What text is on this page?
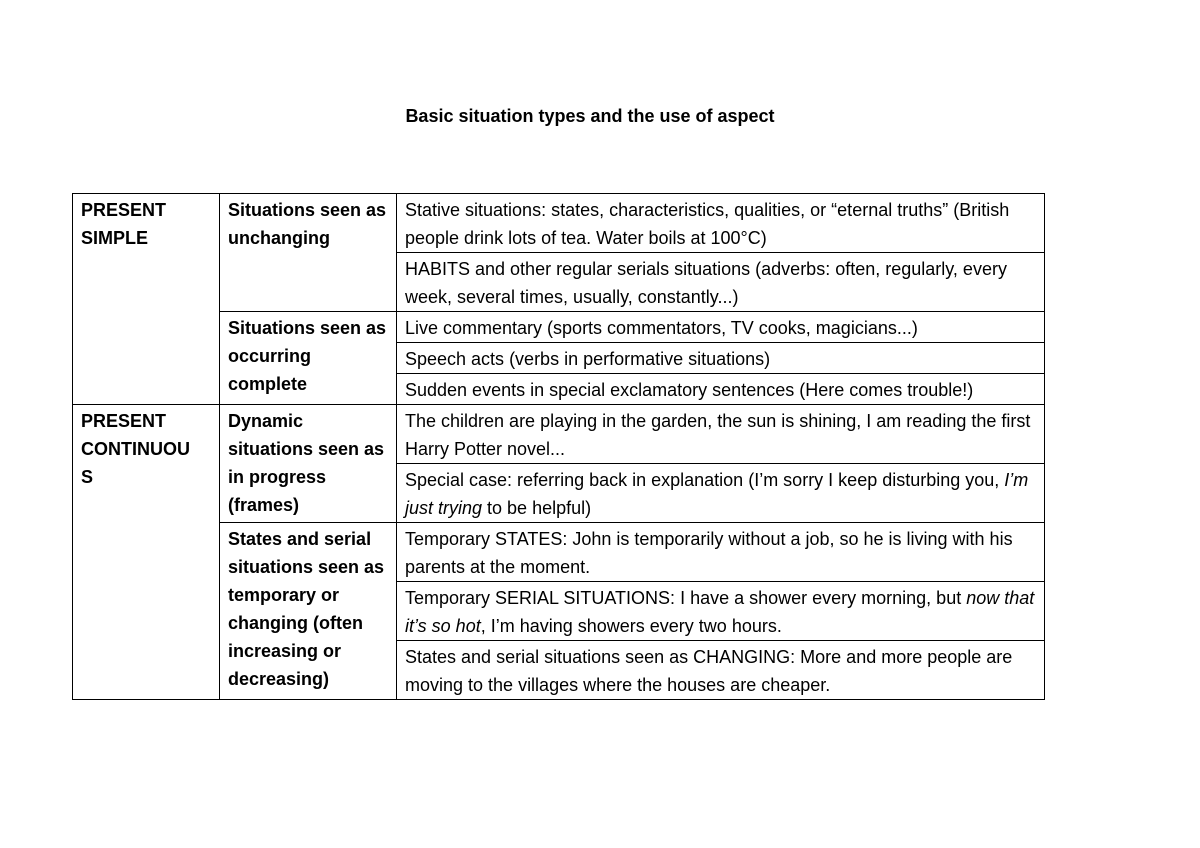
Basic situation types and the use of aspect
PRESENT
SIMPLE	Situations seen as unchanging	Stative situations: states, characteristics, qualities, or “eternal truths” (British people drink lots of tea. Water boils at 100°C)
		HABITS and other regular serials situations (adverbs: often, regularly, every week, several times, usually, constantly...)
	Situations seen as occurring complete	Live commentary (sports commentators, TV cooks, magicians...)
		Speech acts (verbs in performative situations)
		Sudden events in special exclamatory sentences (Here comes trouble!)

PRESENT
CONTINUOU
S	Dynamic situations seen as in progress (frames)	The children are playing in the garden, the sun is shining, I am reading the first Harry Potter novel...
		Special case: referring back in explanation (I’m sorry I keep disturbing you, I’m just trying to be helpful)
	States and serial situations seen as temporary or changing (often increasing or decreasing)	Temporary STATES: John is temporarily without a job, so he is living with his parents at the moment.
		Temporary SERIAL SITUATIONS: I have a shower every morning, but now that it’s so hot, I’m having showers every two hours.
		States and serial situations seen as CHANGING: More and more people are moving to the villages where the houses are cheaper.
